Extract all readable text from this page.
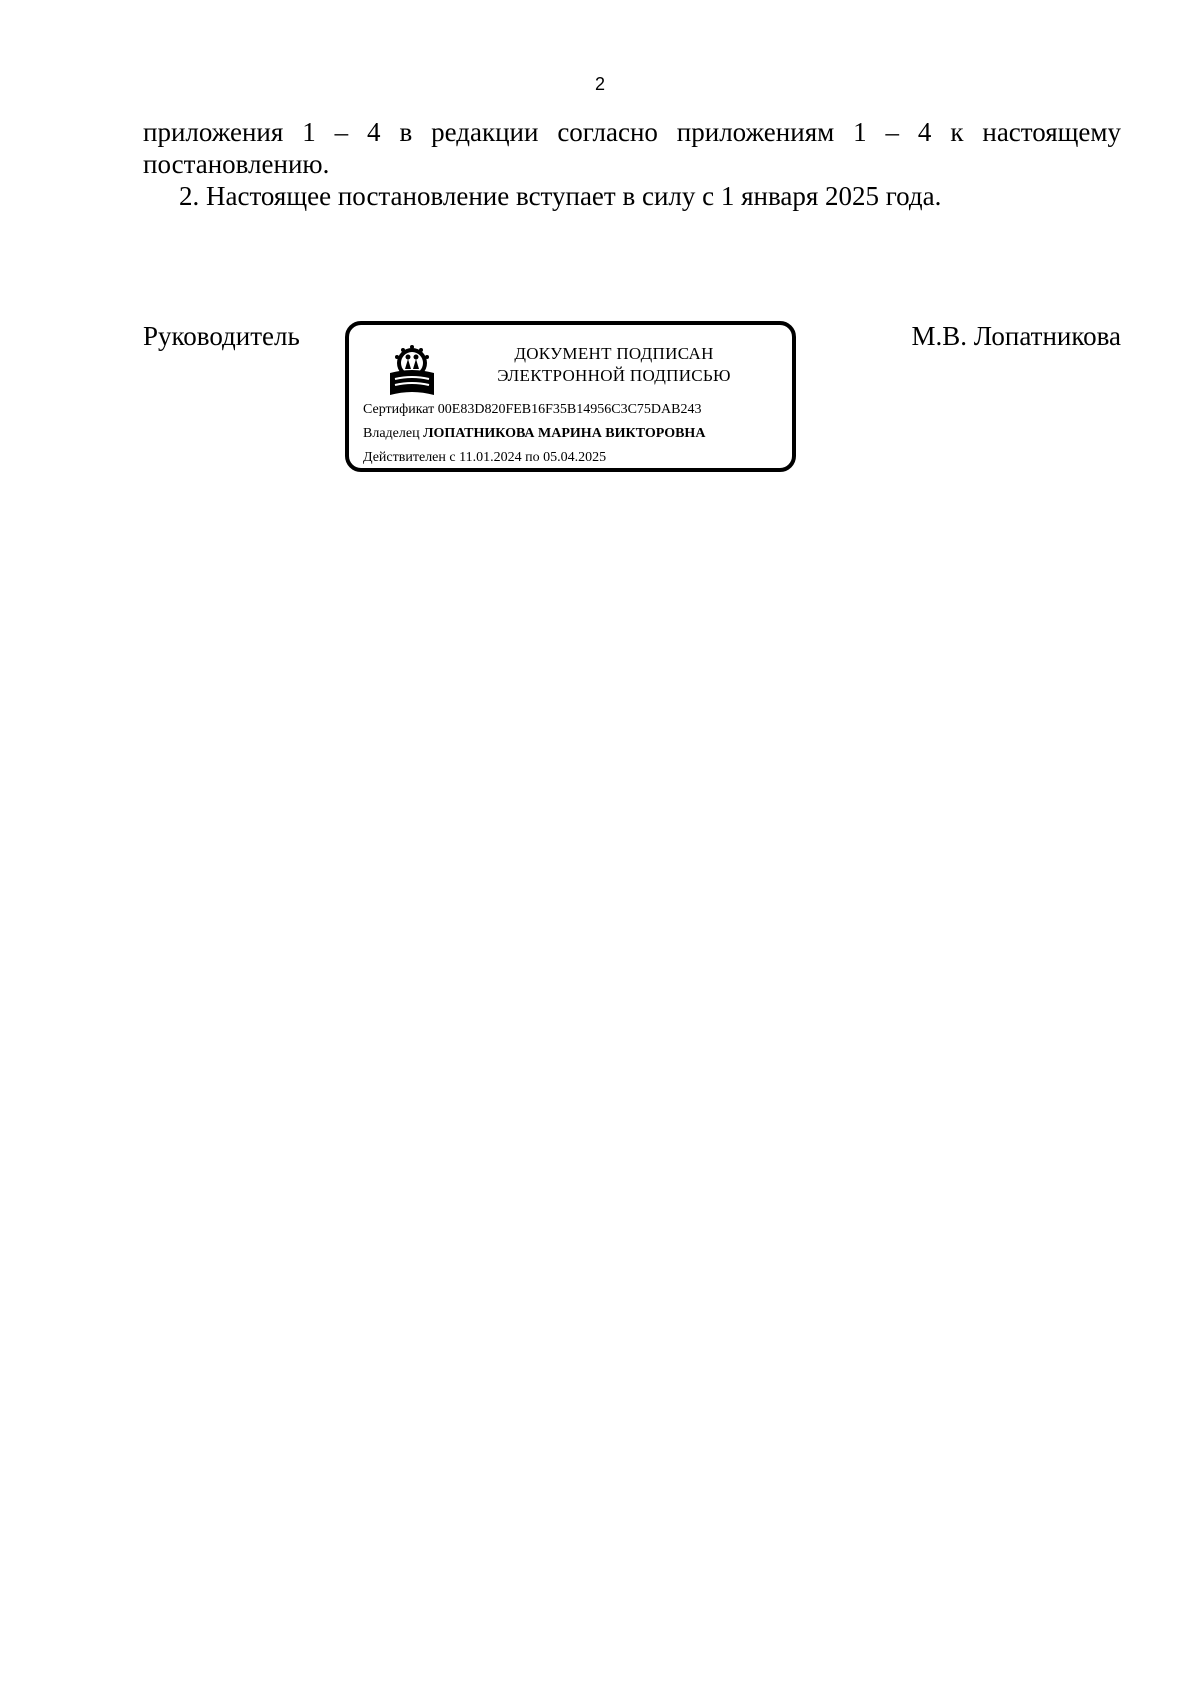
2

приложения 1 – 4 в редакции согласно приложениям 1 – 4 к настоящему

постановлению.

2. Настоящее постановление вступает в силу с 1 января 2025 года.

Руководитель	М.В. Лопатникова
ДОКУМЕНТ ПОДПИСАН
ЭЛЕКТРОННОЙ ПОДПИСЬЮ
Сертификат 00E83D820FEB16F35B14956C3C75DAB243
Владелец ЛОПАТНИКОВА МАРИНА ВИКТОРОВНА
Действителен с 11.01.2024 по 05.04.2025
